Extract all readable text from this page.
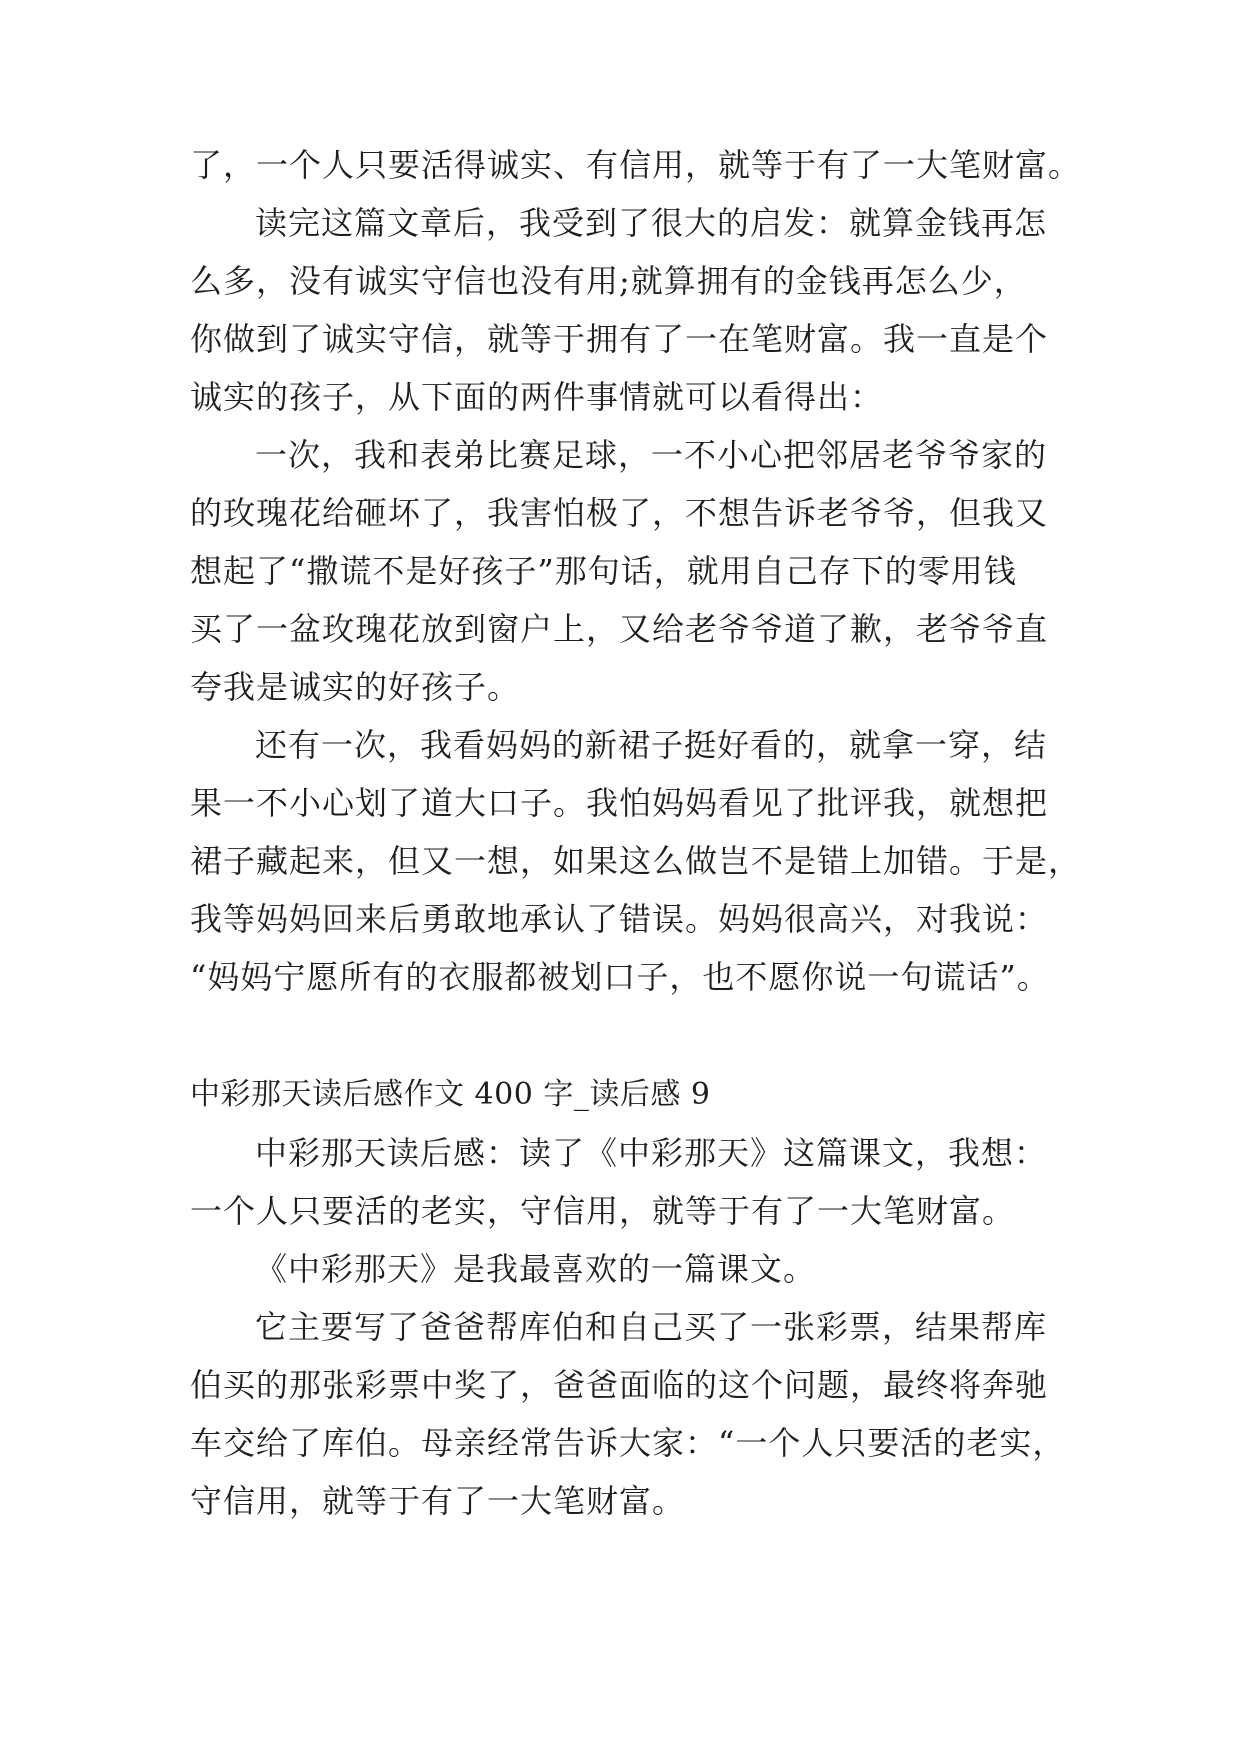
了，一个人只要活得诚实、有信用，就等于有了一大笔财富。
读完这篇文章后，我受到了很大的启发：就算金钱再怎
么多，没有诚实守信也没有用;就算拥有的金钱再怎么少，
你做到了诚实守信，就等于拥有了一在笔财富。我一直是个
诚实的孩子，从下面的两件事情就可以看得出：
一次，我和表弟比赛足球，一不小心把邻居老爷爷家的
的玫瑰花给砸坏了，我害怕极了，不想告诉老爷爷，但我又
想起了“撒谎不是好孩子”那句话，就用自己存下的零用钱
买了一盆玫瑰花放到窗户上，又给老爷爷道了歉，老爷爷直
夸我是诚实的好孩子。
还有一次，我看妈妈的新裙子挺好看的，就拿一穿，结
果一不小心划了道大口子。我怕妈妈看见了批评我，就想把
裙子藏起来，但又一想，如果这么做岂不是错上加错。于是，
我等妈妈回来后勇敢地承认了错误。妈妈很高兴，对我说：
“妈妈宁愿所有的衣服都被划口子，也不愿你说一句谎话”。
中彩那天读后感作文 400 字_读后感 9
中彩那天读后感：读了《中彩那天》这篇课文，我想：
一个人只要活的老实，守信用，就等于有了一大笔财富。
《中彩那天》是我最喜欢的一篇课文。
它主要写了爸爸帮库伯和自己买了一张彩票，结果帮库
伯买的那张彩票中奖了，爸爸面临的这个问题，最终将奔驰
车交给了库伯。母亲经常告诉大家：“一个人只要活的老实，
守信用，就等于有了一大笔财富。
